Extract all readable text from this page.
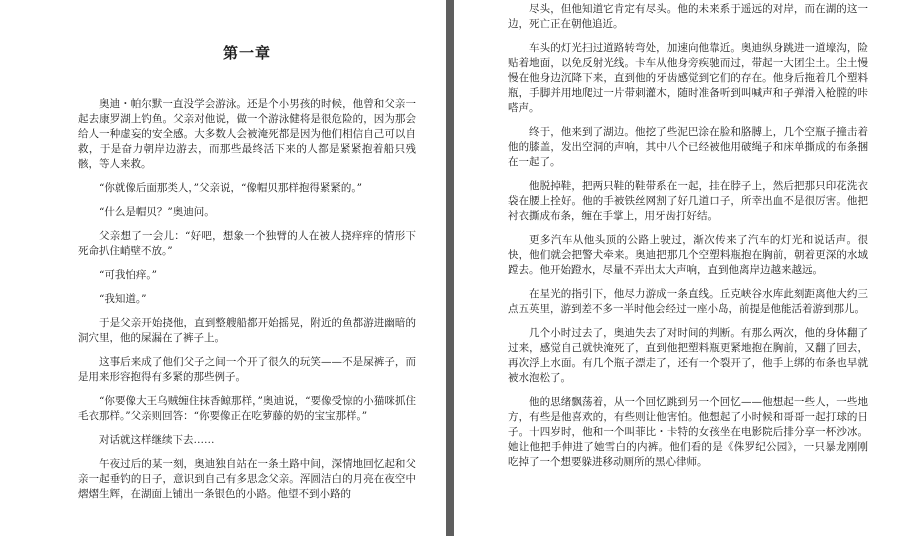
第一章

奥迪・帕尔默一直没学会游泳。还是个小男孩的时候，他曾和父亲一起去康罗湖上钓鱼。父亲对他说，做一个游泳健将是很危险的，因为那会给人一种虚妄的安全感。大多数人会被淹死都是因为他们相信自己可以自救，于是奋力朝岸边游去，而那些最终活下来的人都是紧紧抱着船只残骸，等人来救。

“你就像后面那类人，”父亲说，“像帽贝那样抱得紧紧的。”

“什么是帽贝？”奥迪问。

父亲想了一会儿：“好吧，想象一个独臂的人在被人挠痒痒的情形下死命扒住峭壁不放。”

“可我怕痒。”

“我知道。”

于是父亲开始挠他，直到整艘船都开始摇晃，附近的鱼都游进幽暗的洞穴里，他的屎漏在了裤子上。

这事后来成了他们父子之间一个开了很久的玩笑——不是屎裤子，而是用来形容抱得有多紧的那些例子。

“你要像大王乌贼缠住抹香鲸那样，”奥迪说，“要像受惊的小猫咪抓住毛衣那样。”父亲则回答：“你要像正在吃萝藤的奶的宝宝那样。”

对话就这样继续下去……

午夜过后的某一刻，奥迪独自站在一条土路中间，深情地回忆起和父亲一起垂钓的日子，意识到自己有多思念父亲。浑圆洁白的月亮在夜空中熠熠生辉，在湖面上铺出一条银色的小路。他望不到小路的

尽头，但他知道它肯定有尽头。他的未来系于遥远的对岸，而在湖的这一边，死亡正在朝他追近。

车头的灯光扫过道路转弯处，加速向他靠近。奥迪纵身跳进一道壕沟，险贴着地面，以免反射光线。卡车从他身旁疾驰而过，带起一大团尘土。尘土慢慢在他身边沉降下来，直到他的牙齿感觉到它们的存在。他身后拖着几个塑料瓶，手脚并用地爬过一片带刺灌木，随时准备听到叫喊声和子弹滑入枪膛的咔嗒声。

终于，他来到了湖边。他挖了些泥巴涂在脸和胳膊上，几个空瓶子撞击着他的膝盖，发出空洞的声响，其中八个已经被他用破绳子和床单撕成的布条捆在一起了。

他脱掉鞋，把两只鞋的鞋带系在一起，挂在脖子上，然后把那只印花洗衣袋在腰上拴好。他的手被铁丝网割了好几道口子，所幸出血不是很厉害。他把衬衣撕成布条，缠在手掌上，用牙齿打好结。

更多汽车从他头顶的公路上驶过，渐次传来了汽车的灯光和说话声。很快，他们就会把警犬牵来。奥迪把那几个空塑料瓶抱在胸前，朝着更深的水域蹚去。他开始蹬水，尽量不弄出太大声响，直到他离岸边越来越远。

在星光的指引下，他尽力游成一条直线。丘克峡谷水库此刻距离他大约三点五英里，游到差不多一半时他会经过一座小岛，前提是他能活着游到那儿。

几个小时过去了，奥迪失去了对时间的判断。有那么两次，他的身体翻了过来，感觉自己就快淹死了，直到他把塑料瓶更紧地抱在胸前，又翻了回去，再次浮上水面。有几个瓶子漂走了，还有一个裂开了，他手上绑的布条也早就被水泡松了。

他的思绪飘荡着，从一个回忆跳到另一个回忆——他想起一些人，一些地方，有些是他喜欢的，有些则让他害怕。他想起了小时候和哥哥一起打球的日子。十四岁时，他和一个叫菲比・卡特的女孩坐在电影院后排分享一杯沙冰。她让他把手伸进了她雪白的内裤。他们看的是《侏罗纪公园》，一只暴龙刚刚吃掉了一个想要躲进移动厕所的黑心律师。
